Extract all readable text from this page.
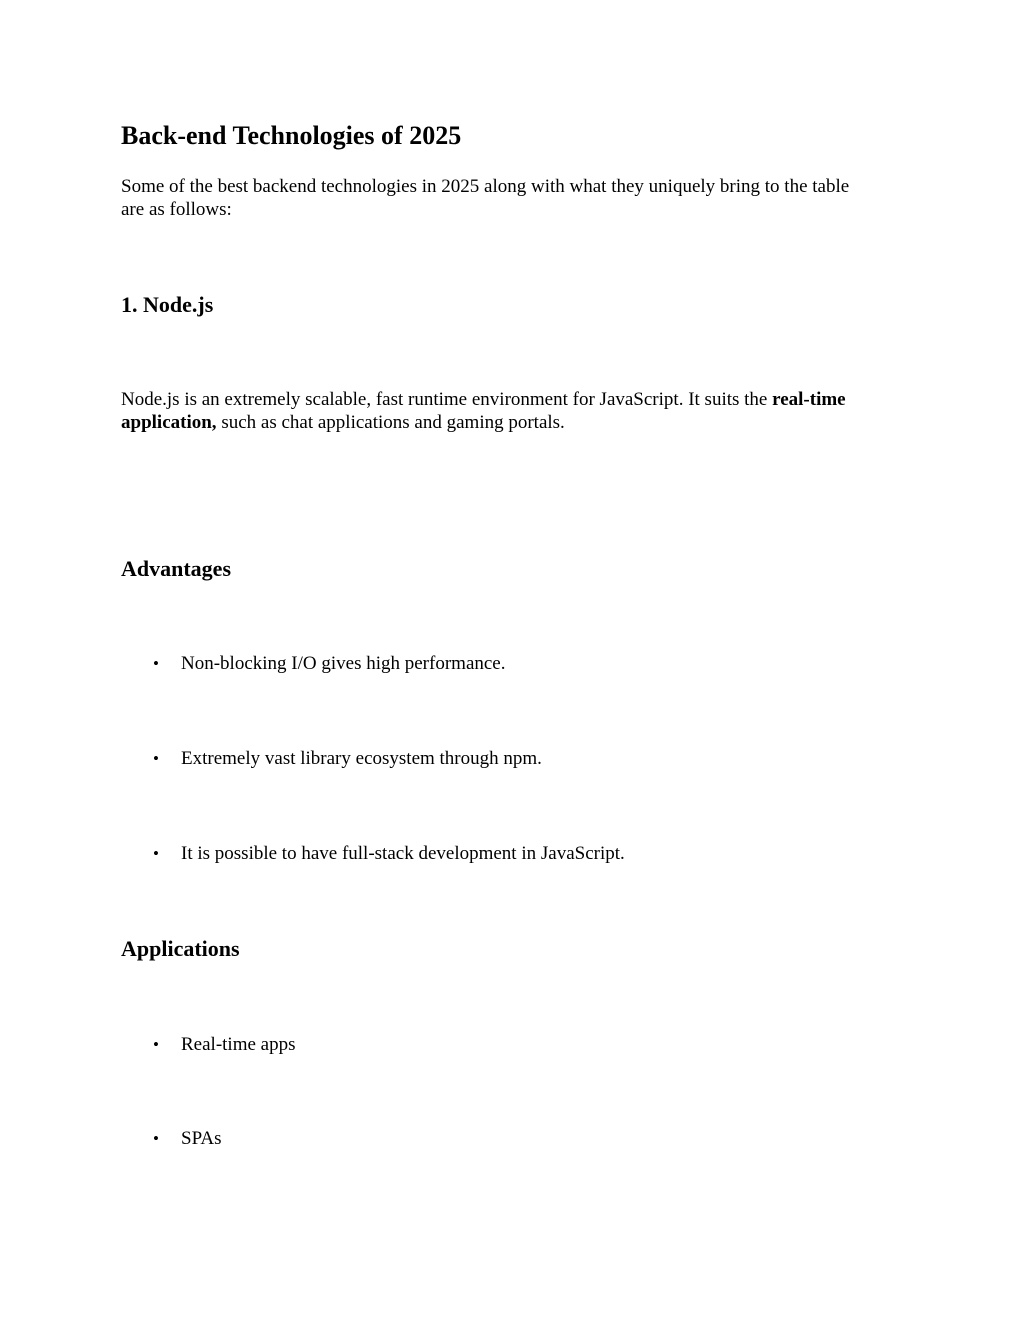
Back-end Technologies of 2025

Some of the best backend technologies in 2025 along with what they uniquely bring to the table

are as follows:

1. Node.js

Node.js is an extremely scalable, fast runtime environment for JavaScript. It suits the real-time

application, such as chat applications and gaming portals.

Advantages
• Non-blocking I/O gives high performance.
• Extremely vast library ecosystem through npm.
• It is possible to have full-stack development in JavaScript.
Applications
• Real-time apps
• SPAs
